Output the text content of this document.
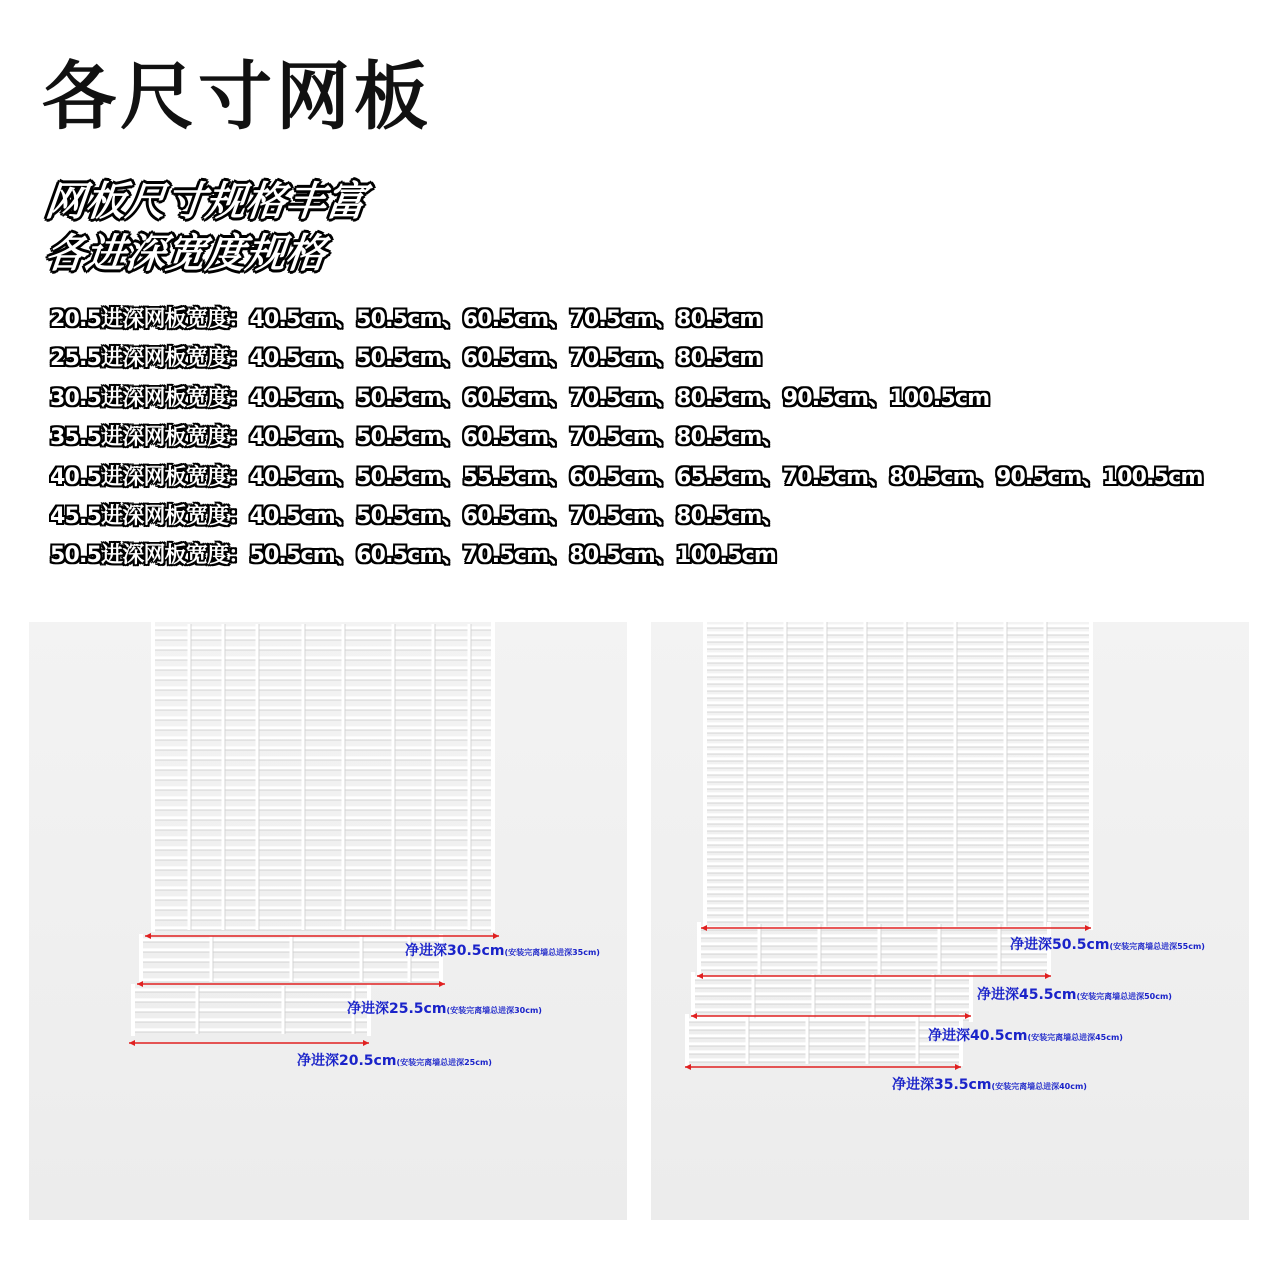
各尺寸网板
网板尺寸规格丰富
各进深宽度规格
20.5进深网板宽度：40.5cm、50.5cm、60.5cm、70.5cm、80.5cm
25.5进深网板宽度：40.5cm、50.5cm、60.5cm、70.5cm、80.5cm
30.5进深网板宽度：40.5cm、50.5cm、60.5cm、70.5cm、80.5cm、90.5cm、100.5cm
35.5进深网板宽度：40.5cm、50.5cm、60.5cm、70.5cm、80.5cm、
40.5进深网板宽度：40.5cm、50.5cm、55.5cm、60.5cm、65.5cm、70.5cm、80.5cm、90.5cm、100.5cm
45.5进深网板宽度：40.5cm、50.5cm、60.5cm、70.5cm、80.5cm、
50.5进深网板宽度：50.5cm、60.5cm、70.5cm、80.5cm、100.5cm
净进深30.5cm(安装完离墙总进深35cm)
净进深25.5cm(安装完离墙总进深30cm)
净进深20.5cm(安装完离墙总进深25cm)
净进深50.5cm(安装完离墙总进深55cm)
净进深45.5cm(安装完离墙总进深50cm)
净进深40.5cm(安装完离墙总进深45cm)
净进深35.5cm(安装完离墙总进深40cm)
